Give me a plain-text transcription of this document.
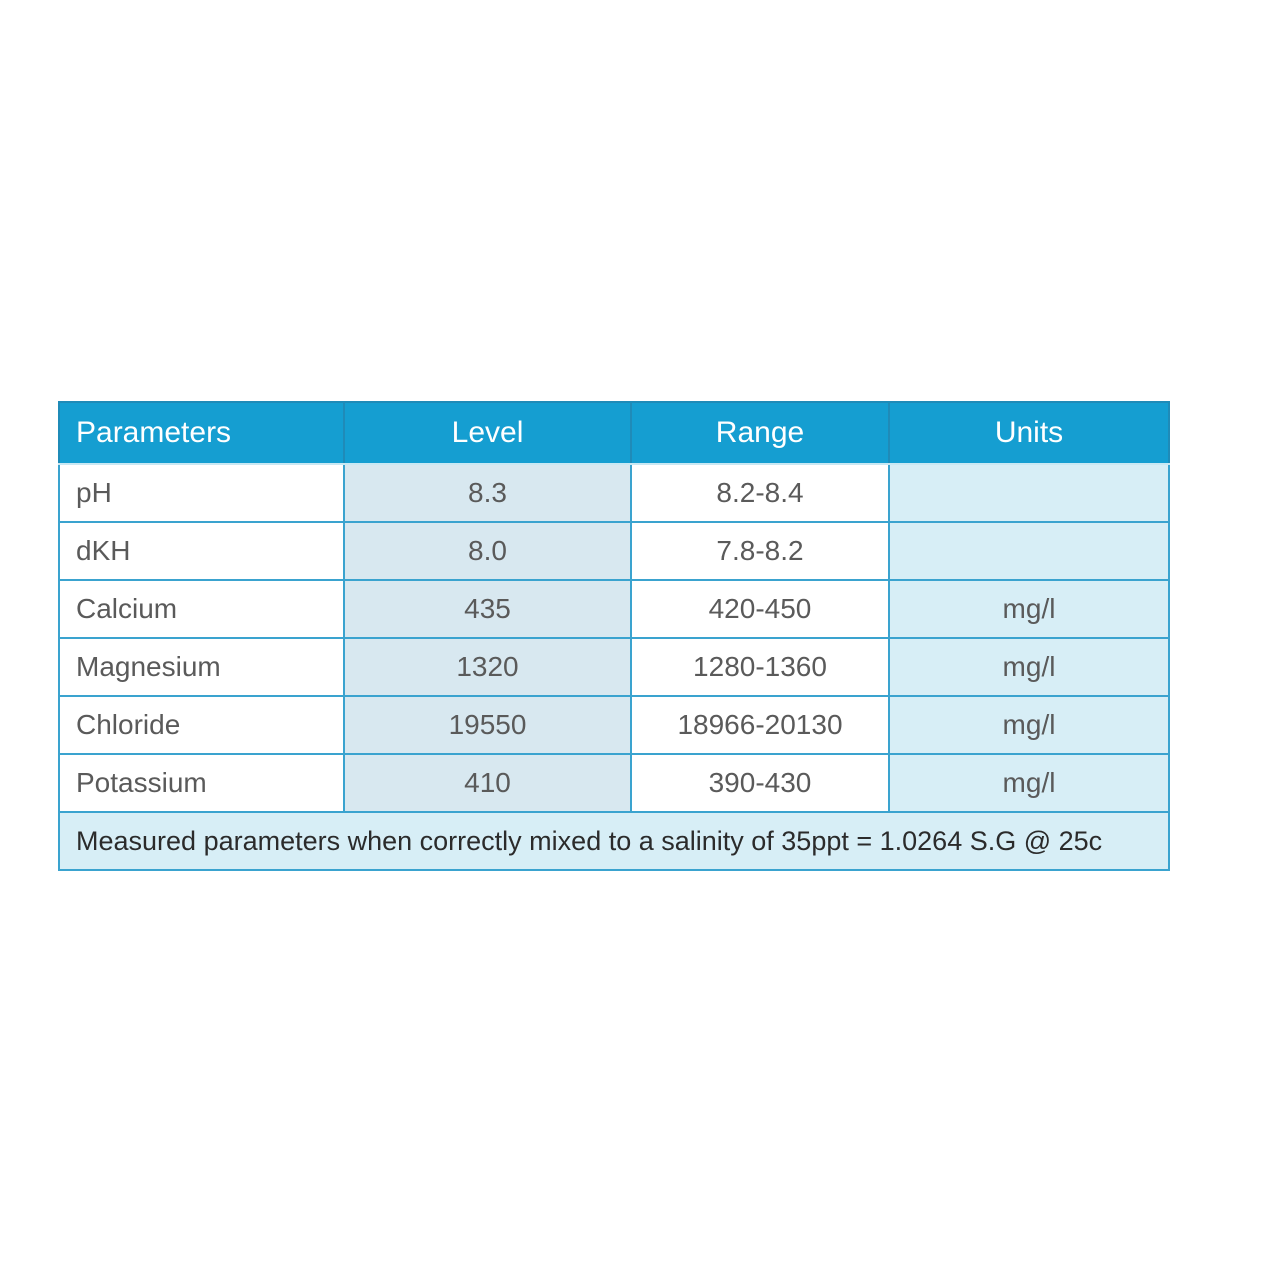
Parameters	Level	Range	Units
pH	8.3	8.2-8.4	
dKH	8.0	7.8-8.2	
Calcium	435	420-450	mg/l
Magnesium	1320	1280-1360	mg/l
Chloride	19550	18966-20130	mg/l
Potassium	410	390-430	mg/l
Measured parameters when correctly mixed to a salinity of 35ppt = 1.0264 S.G @ 25c			
